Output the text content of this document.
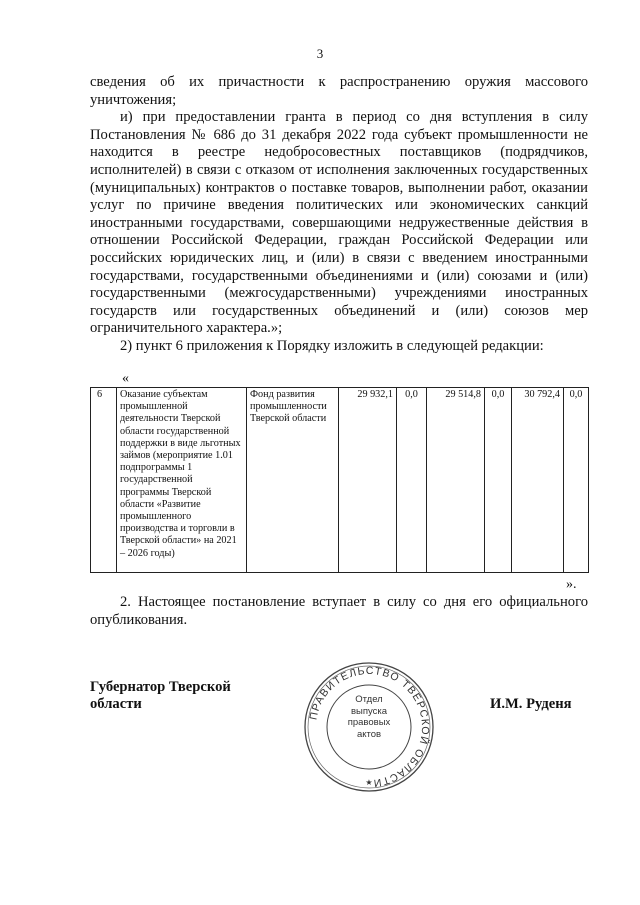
3

сведения об их причастности к распространению оружия массового уничтожения;

и) при предоставлении гранта в период со дня вступления в силу Постановления № 686 до 31 декабря 2022 года субъект промышленности не находится в реестре недобросовестных поставщиков (подрядчиков, исполнителей) в связи с отказом от исполнения заключенных государственных (муниципальных) контрактов о поставке товаров, выполнении работ, оказании услуг по причине введения политических или экономических санкций иностранными государствами, совершающими недружественные действия в отношении Российской Федерации, граждан Российской Федерации или российских юридических лиц, и (или) в связи с введением иностранными государствами, государственными объединениями и (или) союзами и (или) государственными (межгосударственными) учреждениями иностранных государств или государственных объединений и (или) союзов мер ограничительного характера.»;

2) пункт 6 приложения к Порядку изложить в следующей редакции:

«
6	Оказание субъектам промышленной деятельности Тверской области государственной поддержки в виде льготных займов (мероприятие 1.01 подпрограммы 1 государственной программы Тверской области «Развитие промышленного производства и торговли в Тверской области» на 2021 – 2026 годы)	Фонд развития промышленности Тверской области	29 932,1	0,0	29 514,8	0,0	30 792,4	0,0
».

2. Настоящее постановление вступает в силу со дня его официального опубликования.

Губернатор Тверской области
ПРАВИТЕЛЬСТВО ТВЕРСКОЙ ОБЛАСТИ
★
Отдел выпуска правовых актов
И.М. Руденя
